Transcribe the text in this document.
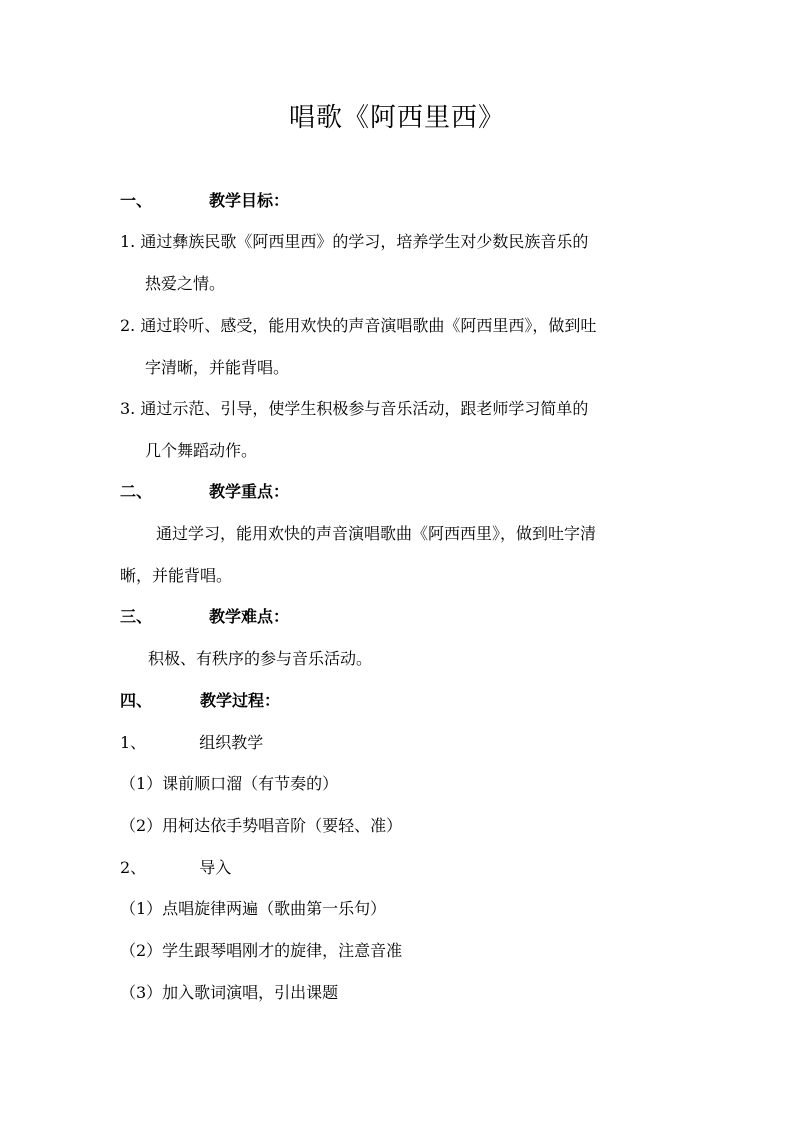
唱歌《阿西里西》
一、	教学目标：
1. 通过彝族民歌《阿西里西》的学习，培养学生对少数民族音乐的
热爱之情。
2. 通过聆听、感受，能用欢快的声音演唱歌曲《阿西里西》，做到吐
字清晰，并能背唱。
3. 通过示范、引导，使学生积极参与音乐活动，跟老师学习简单的
几个舞蹈动作。
二、	教学重点：
通过学习，能用欢快的声音演唱歌曲《阿西西里》，做到吐字清
晰，并能背唱。
三、	教学难点：
积极、有秩序的参与音乐活动。
四、	教学过程：
1、	组织教学
（1）课前顺口溜（有节奏的）
（2）用柯达依手势唱音阶（要轻、准）
2、	导入
（1）点唱旋律两遍（歌曲第一乐句）
（2）学生跟琴唱刚才的旋律，注意音准
（3）加入歌词演唱，引出课题
